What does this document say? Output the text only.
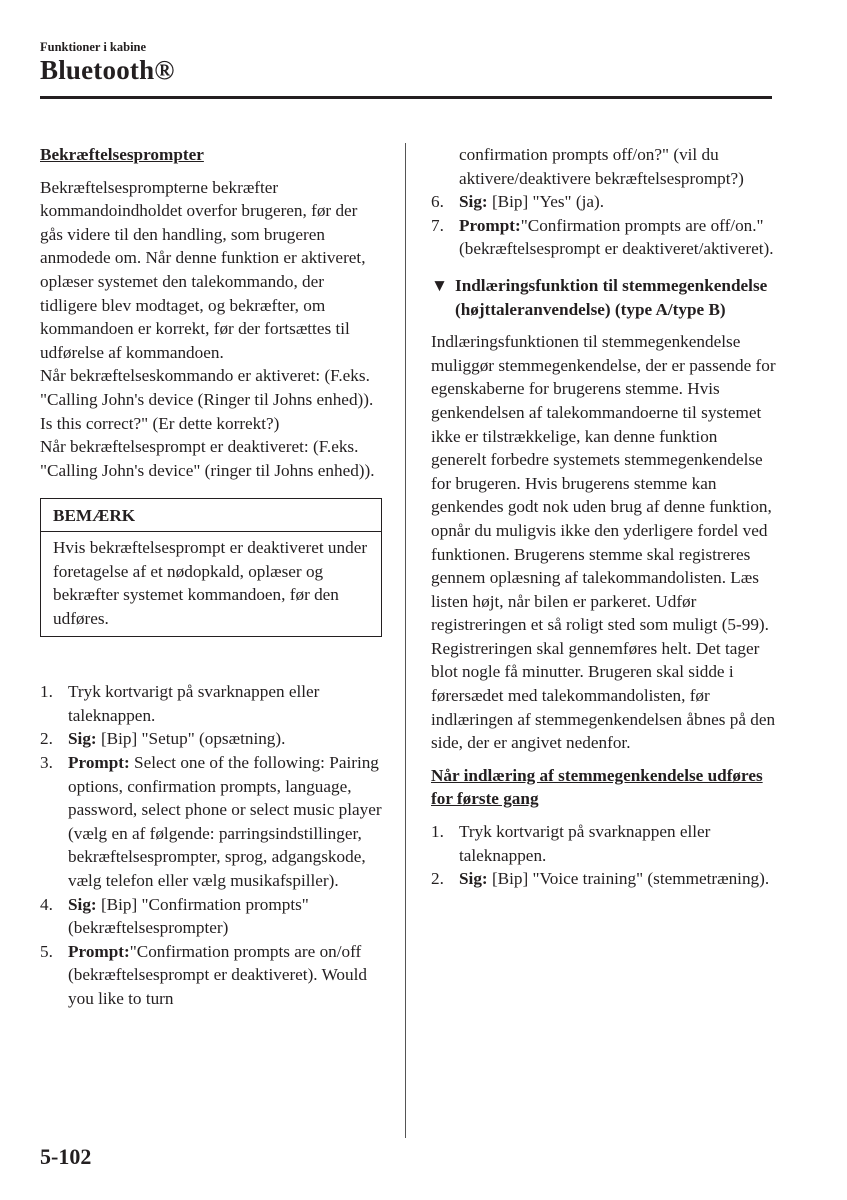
Funktioner i kabine
Bluetooth®
Bekræftelsesprompter

Bekræftelsesprompterne bekræfter kommandoindholdet overfor brugeren, før der gås videre til den handling, som brugeren anmodede om. Når denne funktion er aktiveret, oplæser systemet den talekommando, der tidligere blev modtaget, og bekræfter, om kommandoen er korrekt, før der fortsættes til udførelse af kommandoen.

Når bekræftelseskommando er aktiveret: (F.eks. "Calling John's device (Ringer til Johns enhed)). Is this correct?" (Er dette korrekt?)

Når bekræftelsesprompt er deaktiveret: (F.eks. "Calling John's device" (ringer til Johns enhed)).

BEMÆRK
Hvis bekræftelsesprompt er deaktiveret under foretagelse af et nødopkald, oplæser og bekræfter systemet kommandoen, før den udføres.
1. Tryk kortvarigt på svarknappen eller taleknappen.
2. Sig: [Bip] "Setup" (opsætning).
3. Prompt: Select one of the following: Pairing options, confirmation prompts, language, password, select phone or select music player (vælg en af følgende: parringsindstillinger, bekræftelsesprompter, sprog, adgangskode, vælg telefon eller vælg musikafspiller).
4. Sig: [Bip] "Confirmation prompts" (bekræftelsesprompter)
5. Prompt:"Confirmation prompts are on/off (bekræftelsesprompt er deaktiveret). Would you like to turn
confirmation prompts off/on?" (vil du aktivere/deaktivere bekræftelsesprompt?)
6. Sig: [Bip] "Yes" (ja).
7. Prompt:"Confirmation prompts are off/on." (bekræftelsesprompt er deaktiveret/aktiveret).
▼ Indlæringsfunktion til stemmegenkendelse (højttaleranvendelse) (type A/type B)

Indlæringsfunktionen til stemmegenkendelse muliggør stemmegenkendelse, der er passende for egenskaberne for brugerens stemme. Hvis genkendelsen af talekommandoerne til systemet ikke er tilstrækkelige, kan denne funktion generelt forbedre systemets stemmegenkendelse for brugeren. Hvis brugerens stemme kan genkendes godt nok uden brug af denne funktion, opnår du muligvis ikke den yderligere fordel ved funktionen. Brugerens stemme skal registreres gennem oplæsning af talekommandolisten. Læs listen højt, når bilen er parkeret. Udfør registreringen et så roligt sted som muligt (5-99). Registreringen skal gennemføres helt. Det tager blot nogle få minutter. Brugeren skal sidde i førersædet med talekommandolisten, før indlæringen af stemmegenkendelsen åbnes på den side, der er angivet nedenfor.

Når indlæring af stemmegenkendelse udføres for første gang
1. Tryk kortvarigt på svarknappen eller taleknappen.
2. Sig: [Bip] "Voice training" (stemmetræning).
5-102
